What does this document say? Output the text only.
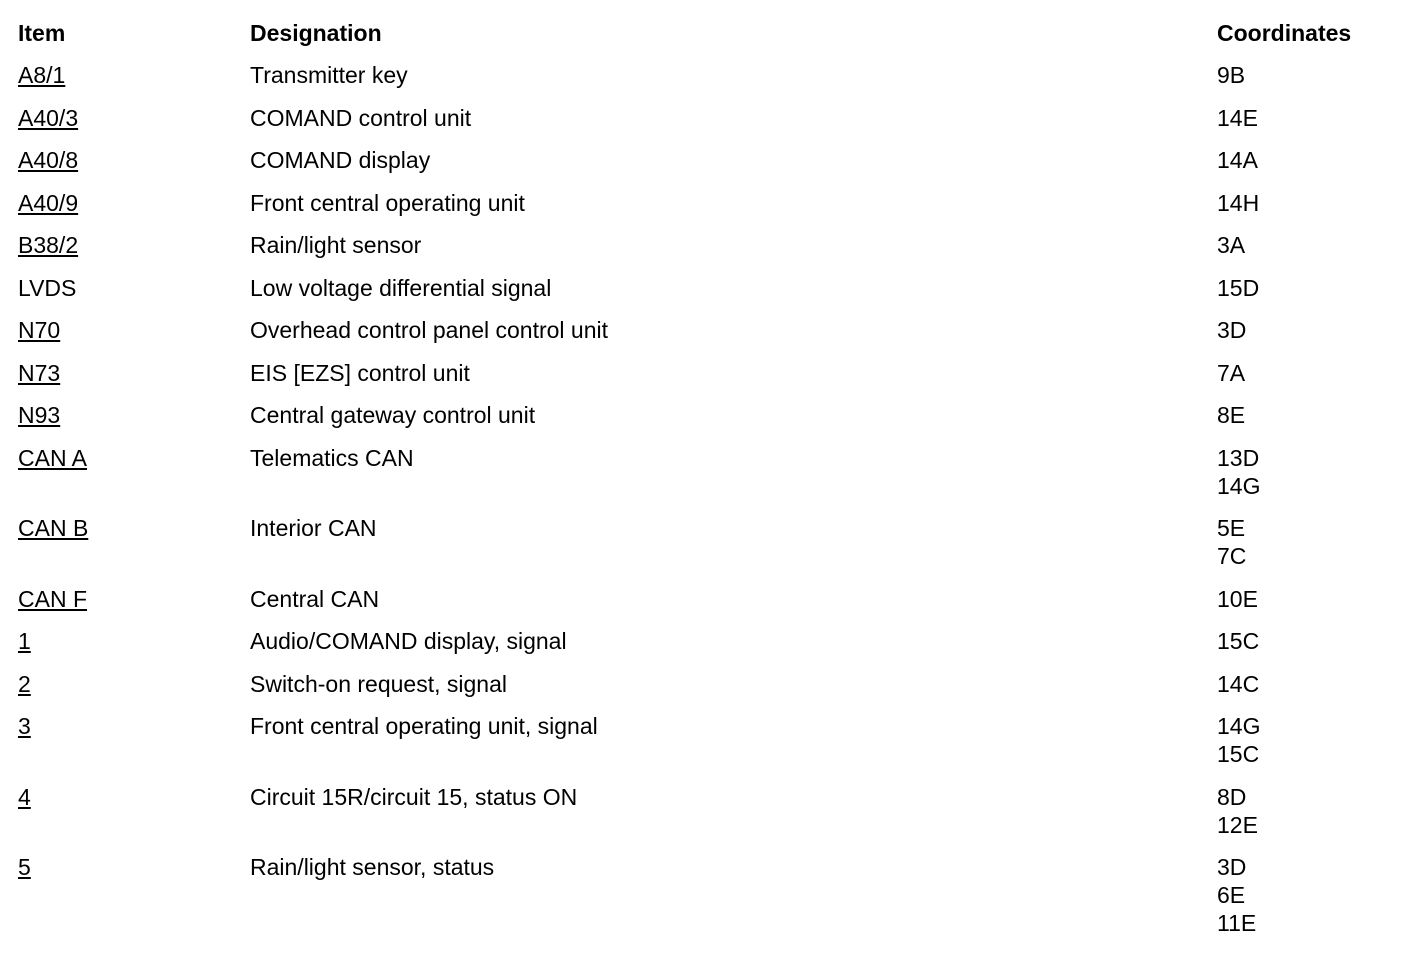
Item	Designation	Coordinates
A8/1	Transmitter key	9B
A40/3	COMAND control unit	14E
A40/8	COMAND display	14A
A40/9	Front central operating unit	14H
B38/2	Rain/light sensor	3A
LVDS	Low voltage differential signal	15D
N70	Overhead control panel control unit	3D
N73	EIS [EZS] control unit	7A
N93	Central gateway control unit	8E
CAN A	Telematics CAN	13D
14G
CAN B	Interior CAN	5E
7C
CAN F	Central CAN	10E
1	Audio/COMAND display, signal	15C
2	Switch-on request, signal	14C
3	Front central operating unit, signal	14G
15C
4	Circuit 15R/circuit 15, status ON	8D
12E
5	Rain/light sensor, status	3D
6E
11E
